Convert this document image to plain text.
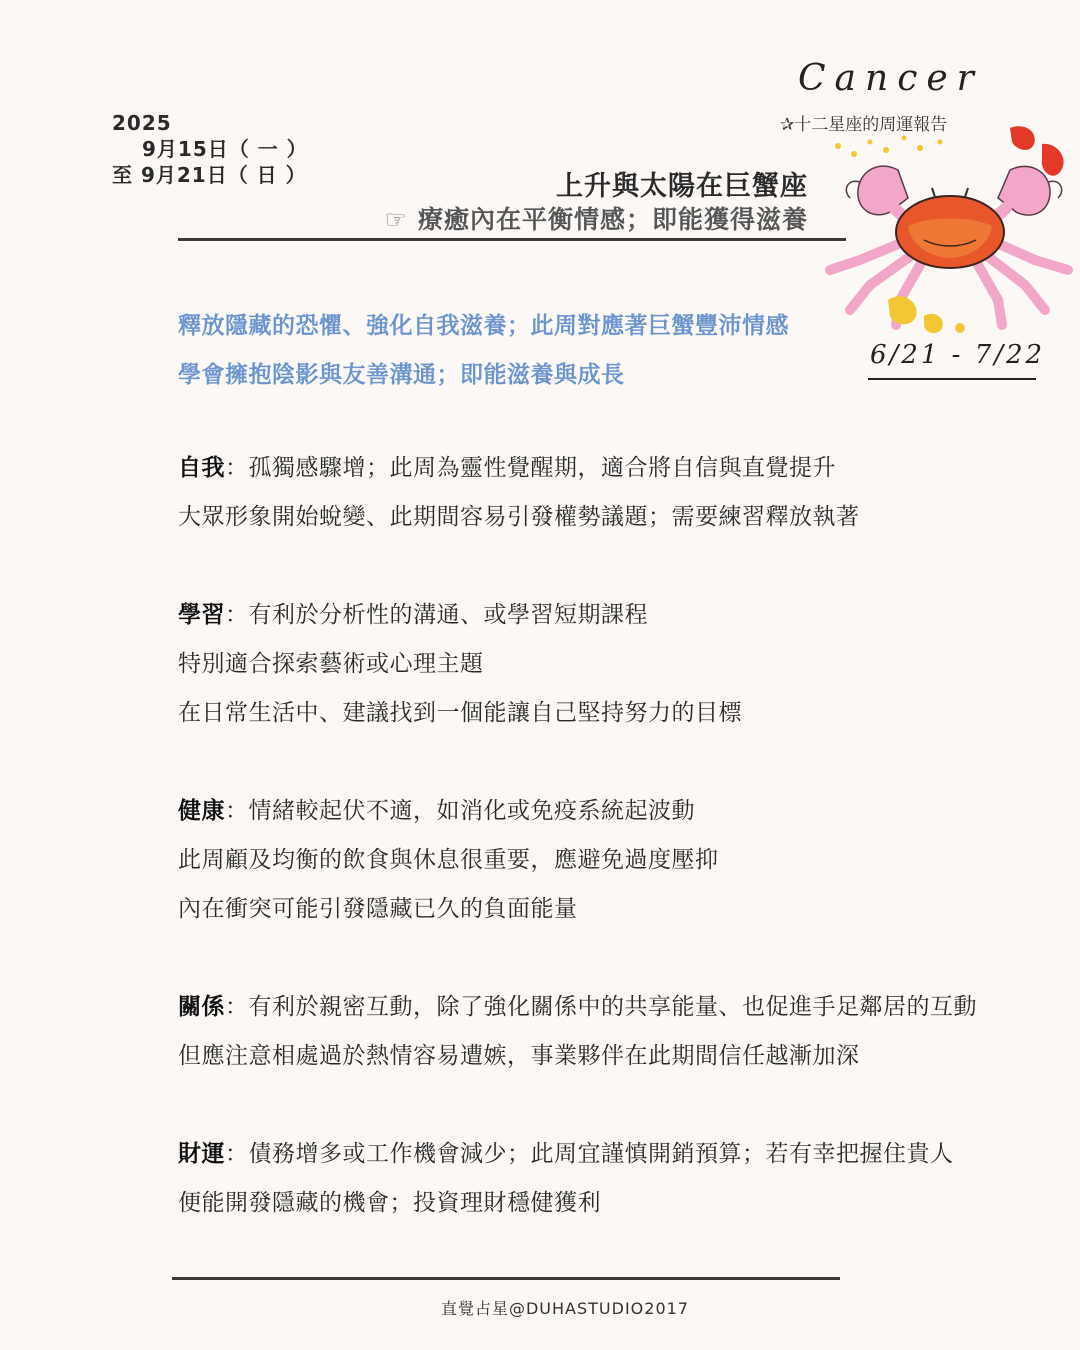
2025
9月15日（ 一 ）
至 9月21日（ 日 ）
Cancer
✰十二星座的周運報告
上升與太陽在巨蟹座
☞ 療癒內在平衡情感；即能獲得滋養
釋放隱藏的恐懼、強化自我滋養；此周對應著巨蟹豐沛情感
學會擁抱陰影與友善溝通；即能滋養與成長
6/21 - 7/22
自我：孤獨感驟增；此周為靈性覺醒期，適合將自信與直覺提升
大眾形象開始蛻變、此期間容易引發權勢議題；需要練習釋放執著
學習：有利於分析性的溝通、或學習短期課程
特別適合探索藝術或心理主題
在日常生活中、建議找到一個能讓自己堅持努力的目標
健康：情緒較起伏不適，如消化或免疫系統起波動
此周顧及均衡的飲食與休息很重要，應避免過度壓抑
內在衝突可能引發隱藏已久的負面能量
關係：有利於親密互動，除了強化關係中的共享能量、也促進手足鄰居的互動
但應注意相處過於熱情容易遭嫉，事業夥伴在此期間信任越漸加深
財運：債務增多或工作機會減少；此周宜謹慎開銷預算；若有幸把握住貴人
便能開發隱藏的機會；投資理財穩健獲利
直覺占星@DUHASTUDIO2017
